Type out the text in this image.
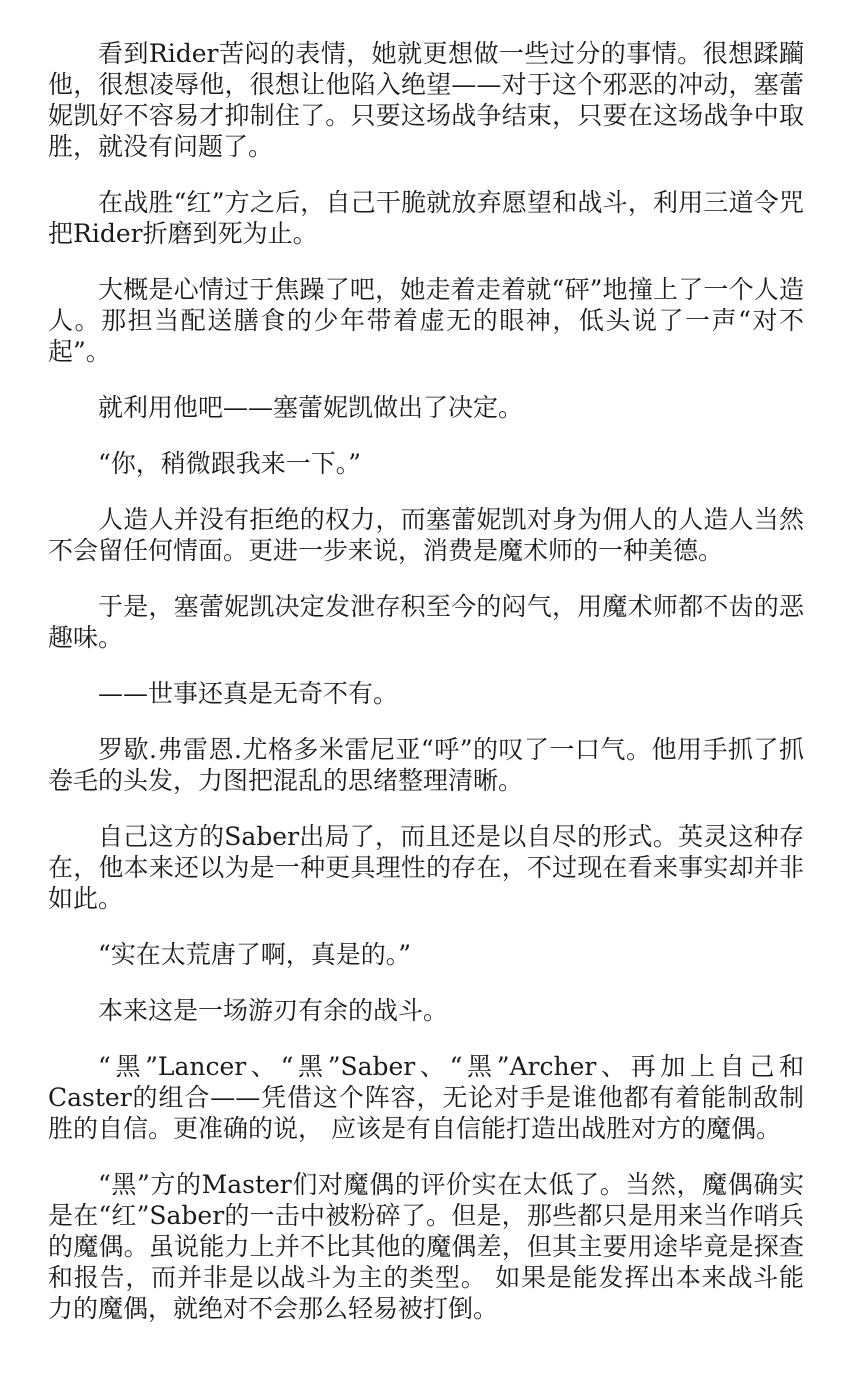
看到Rider苦闷的表情，她就更想做一些过分的事情。很想蹂躏他，很想凌辱他，很想让他陷入绝望——对于这个邪恶的冲动，塞蕾妮凯好不容易才抑制住了。只要这场战争结束，只要在这场战争中取胜，就没有问题了。

在战胜“红”方之后，自己干脆就放弃愿望和战斗，利用三道令咒把Rider折磨到死为止。

大概是心情过于焦躁了吧，她走着走着就“砰”地撞上了一个人造人。那担当配送膳食的少年带着虚无的眼神，低头说了一声“对不起”。

就利用他吧——塞蕾妮凯做出了决定。

“你，稍微跟我来一下。”

人造人并没有拒绝的权力，而塞蕾妮凯对身为佣人的人造人当然不会留任何情面。更进一步来说，消费是魔术师的一种美德。

于是，塞蕾妮凯决定发泄存积至今的闷气，用魔术师都不齿的恶趣味。

——世事还真是无奇不有。

罗歇.弗雷恩.尤格多米雷尼亚“呼”的叹了一口气。他用手抓了抓卷毛的头发，力图把混乱的思绪整理清晰。

自己这方的Saber出局了，而且还是以自尽的形式。英灵这种存在，他本来还以为是一种更具理性的存在，不过现在看来事实却并非如此。

“实在太荒唐了啊，真是的。”

本来这是一场游刃有余的战斗。

“黑”Lancer、“黑”Saber、“黑”Archer、再加上自己和Caster的组合——凭借这个阵容，无论对手是谁他都有着能制敌制胜的自信。更准确的说， 应该是有自信能打造出战胜对方的魔偶。

“黑”方的Master们对魔偶的评价实在太低了。当然，魔偶确实是在“红”Saber的一击中被粉碎了。但是，那些都只是用来当作哨兵的魔偶。虽说能力上并不比其他的魔偶差，但其主要用途毕竟是探查和报告，而并非是以战斗为主的类型。 如果是能发挥出本来战斗能力的魔偶，就绝对不会那么轻易被打倒。
